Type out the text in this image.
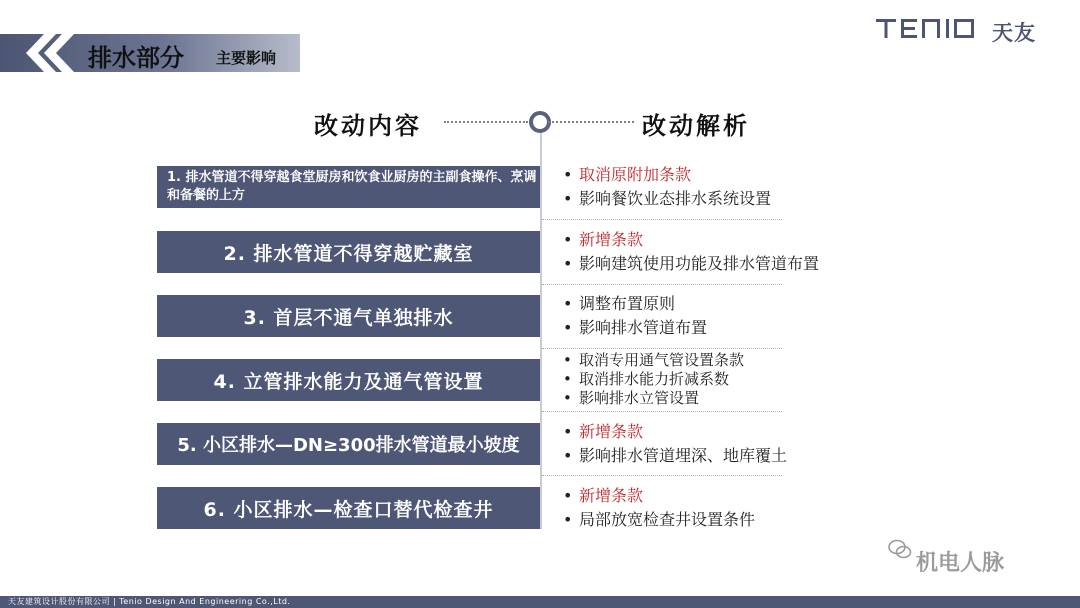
排水部分 主要影响
天友
改动内容	改动解析
1. 排水管道不得穿越食堂厨房和饮食业厨房的主副食操作、烹调和备餐的上方
• 取消原附加条款
• 影响餐饮业态排水系统设置
2. 排水管道不得穿越贮藏室
• 新增条款
• 影响建筑使用功能及排水管道布置
3. 首层不通气单独排水
• 调整布置原则
• 影响排水管道布置
4. 立管排水能力及通气管设置
• 取消专用通气管设置条款
• 取消排水能力折减系数
• 影响排水立管设置
5. 小区排水—DN≥300排水管道最小坡度
• 新增条款
• 影响排水管道埋深、地库覆土
6. 小区排水—检查口替代检查井
• 新增条款
• 局部放宽检查井设置条件
机电人脉
天友建筑设计股份有限公司 | Tenio Design And Engineering Co.,Ltd.
